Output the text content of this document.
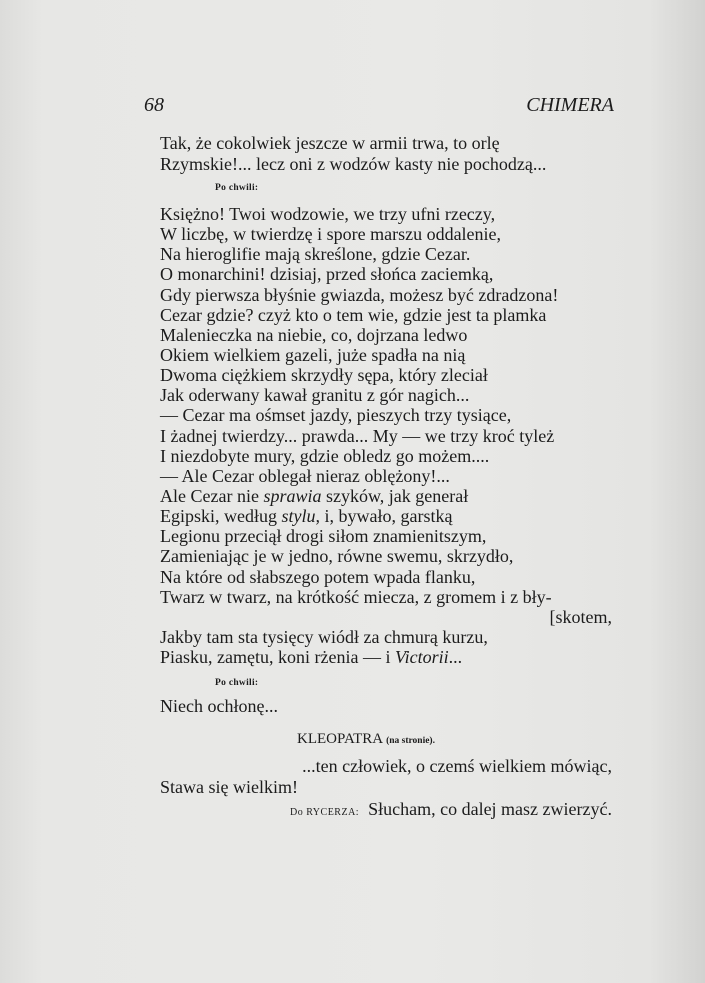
68	CHIMERA
Tak, że cokolwiek jeszcze w armii trwa, to orlę
Rzymskie!... lecz oni z wodzów kasty nie pochodzą...
Po chwili:
Księżno! Twoi wodzowie, we trzy ufni rzeczy,
W liczbę, w twierdzę i spore marszu oddalenie,
Na hieroglifie mają skreślone, gdzie Cezar.
O monarchini! dzisiaj, przed słońca zaciemką,
Gdy pierwsza błyśnie gwiazda, możesz być zdradzona!
Cezar gdzie? czyż kto o tem wie, gdzie jest ta plamka
Malenieczka na niebie, co, dojrzana ledwo
Okiem wielkiem gazeli, juże spadła na nią
Dwoma ciężkiem skrzydły sępa, który zleciał
Jak oderwany kawał granitu z gór nagich...
— Cezar ma ośmset jazdy, pieszych trzy tysiące,
I żadnej twierdzy... prawda... My — we trzy kroć tyleż
I niezdobyte mury, gdzie obledz go możem....
— Ale Cezar oblegał nieraz oblężony!...
Ale Cezar nie sprawia szyków, jak generał
Egipski, według stylu, i, bywało, garstką
Legionu przeciął drogi siłom znamienitszym,
Zamieniając je w jedno, równe swemu, skrzydło,
Na które od słabszego potem wpada flanku,
Twarz w twarz, na krótkość miecza, z gromem i z bły-
[skotem,
Jakby tam sta tysięcy wiódł za chmurą kurzu,
Piasku, zamętu, koni rżenia — i Victorii...
Po chwili:
Niech ochłonę...
KLEOPATRA (na stronie).
...ten człowiek, o czemś wielkiem mówiąc,
Stawa się wielkim!
Do RYCERZA: Słucham, co dalej masz zwierzyć.
